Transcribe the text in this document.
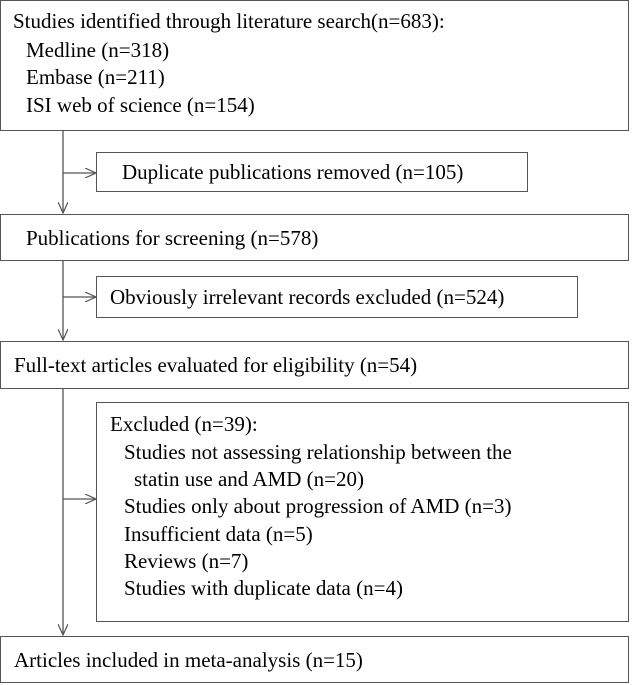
Studies identified through literature search(n=683):
Medline (n=318)
Embase (n=211)
ISI web of science (n=154)
Duplicate publications removed (n=105)
Publications for screening (n=578)
Obviously irrelevant records excluded (n=524)
Full-text articles evaluated for eligibility (n=54)
Excluded (n=39):
Studies not assessing relationship between the
statin use and AMD (n=20)
Studies only about progression of AMD (n=3)
Insufficient data (n=5)
Reviews (n=7)
Studies with duplicate data (n=4)
Articles included in meta-analysis (n=15)
